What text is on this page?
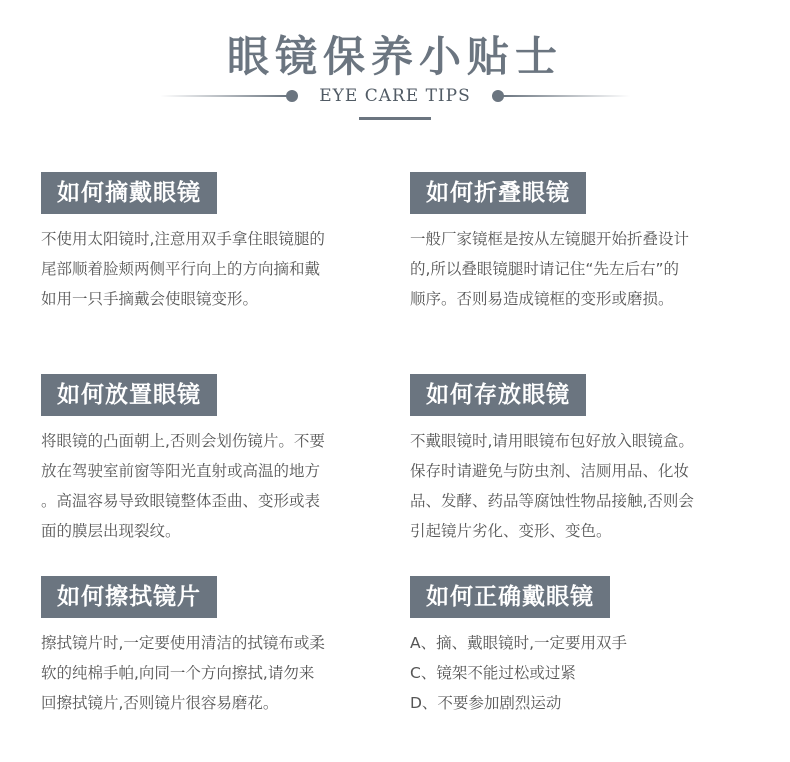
眼镜保养小贴士
EYE CARE TIPS
如何摘戴眼镜
不使用太阳镜时,注意用双手拿住眼镜腿的
尾部顺着脸颊两侧平行向上的方向摘和戴
如用一只手摘戴会使眼镜变形。
如何折叠眼镜
一般厂家镜框是按从左镜腿开始折叠设计
的,所以叠眼镜腿时请记住“先左后右”的
顺序。否则易造成镜框的变形或磨损。
如何放置眼镜
将眼镜的凸面朝上,否则会划伤镜片。不要
放在驾驶室前窗等阳光直射或高温的地方
。高温容易导致眼镜整体歪曲、变形或表
面的膜层出现裂纹。
如何存放眼镜
不戴眼镜时,请用眼镜布包好放入眼镜盒。
保存时请避免与防虫剂、洁厕用品、化妆
品、发酵、药品等腐蚀性物品接触,否则会
引起镜片劣化、变形、变色。
如何擦拭镜片
擦拭镜片时,一定要使用清洁的拭镜布或柔
软的纯棉手帕,向同一个方向擦拭,请勿来
回擦拭镜片,否则镜片很容易磨花。
如何正确戴眼镜
A、摘、戴眼镜时,一定要用双手
C、镜架不能过松或过紧
D、不要参加剧烈运动
